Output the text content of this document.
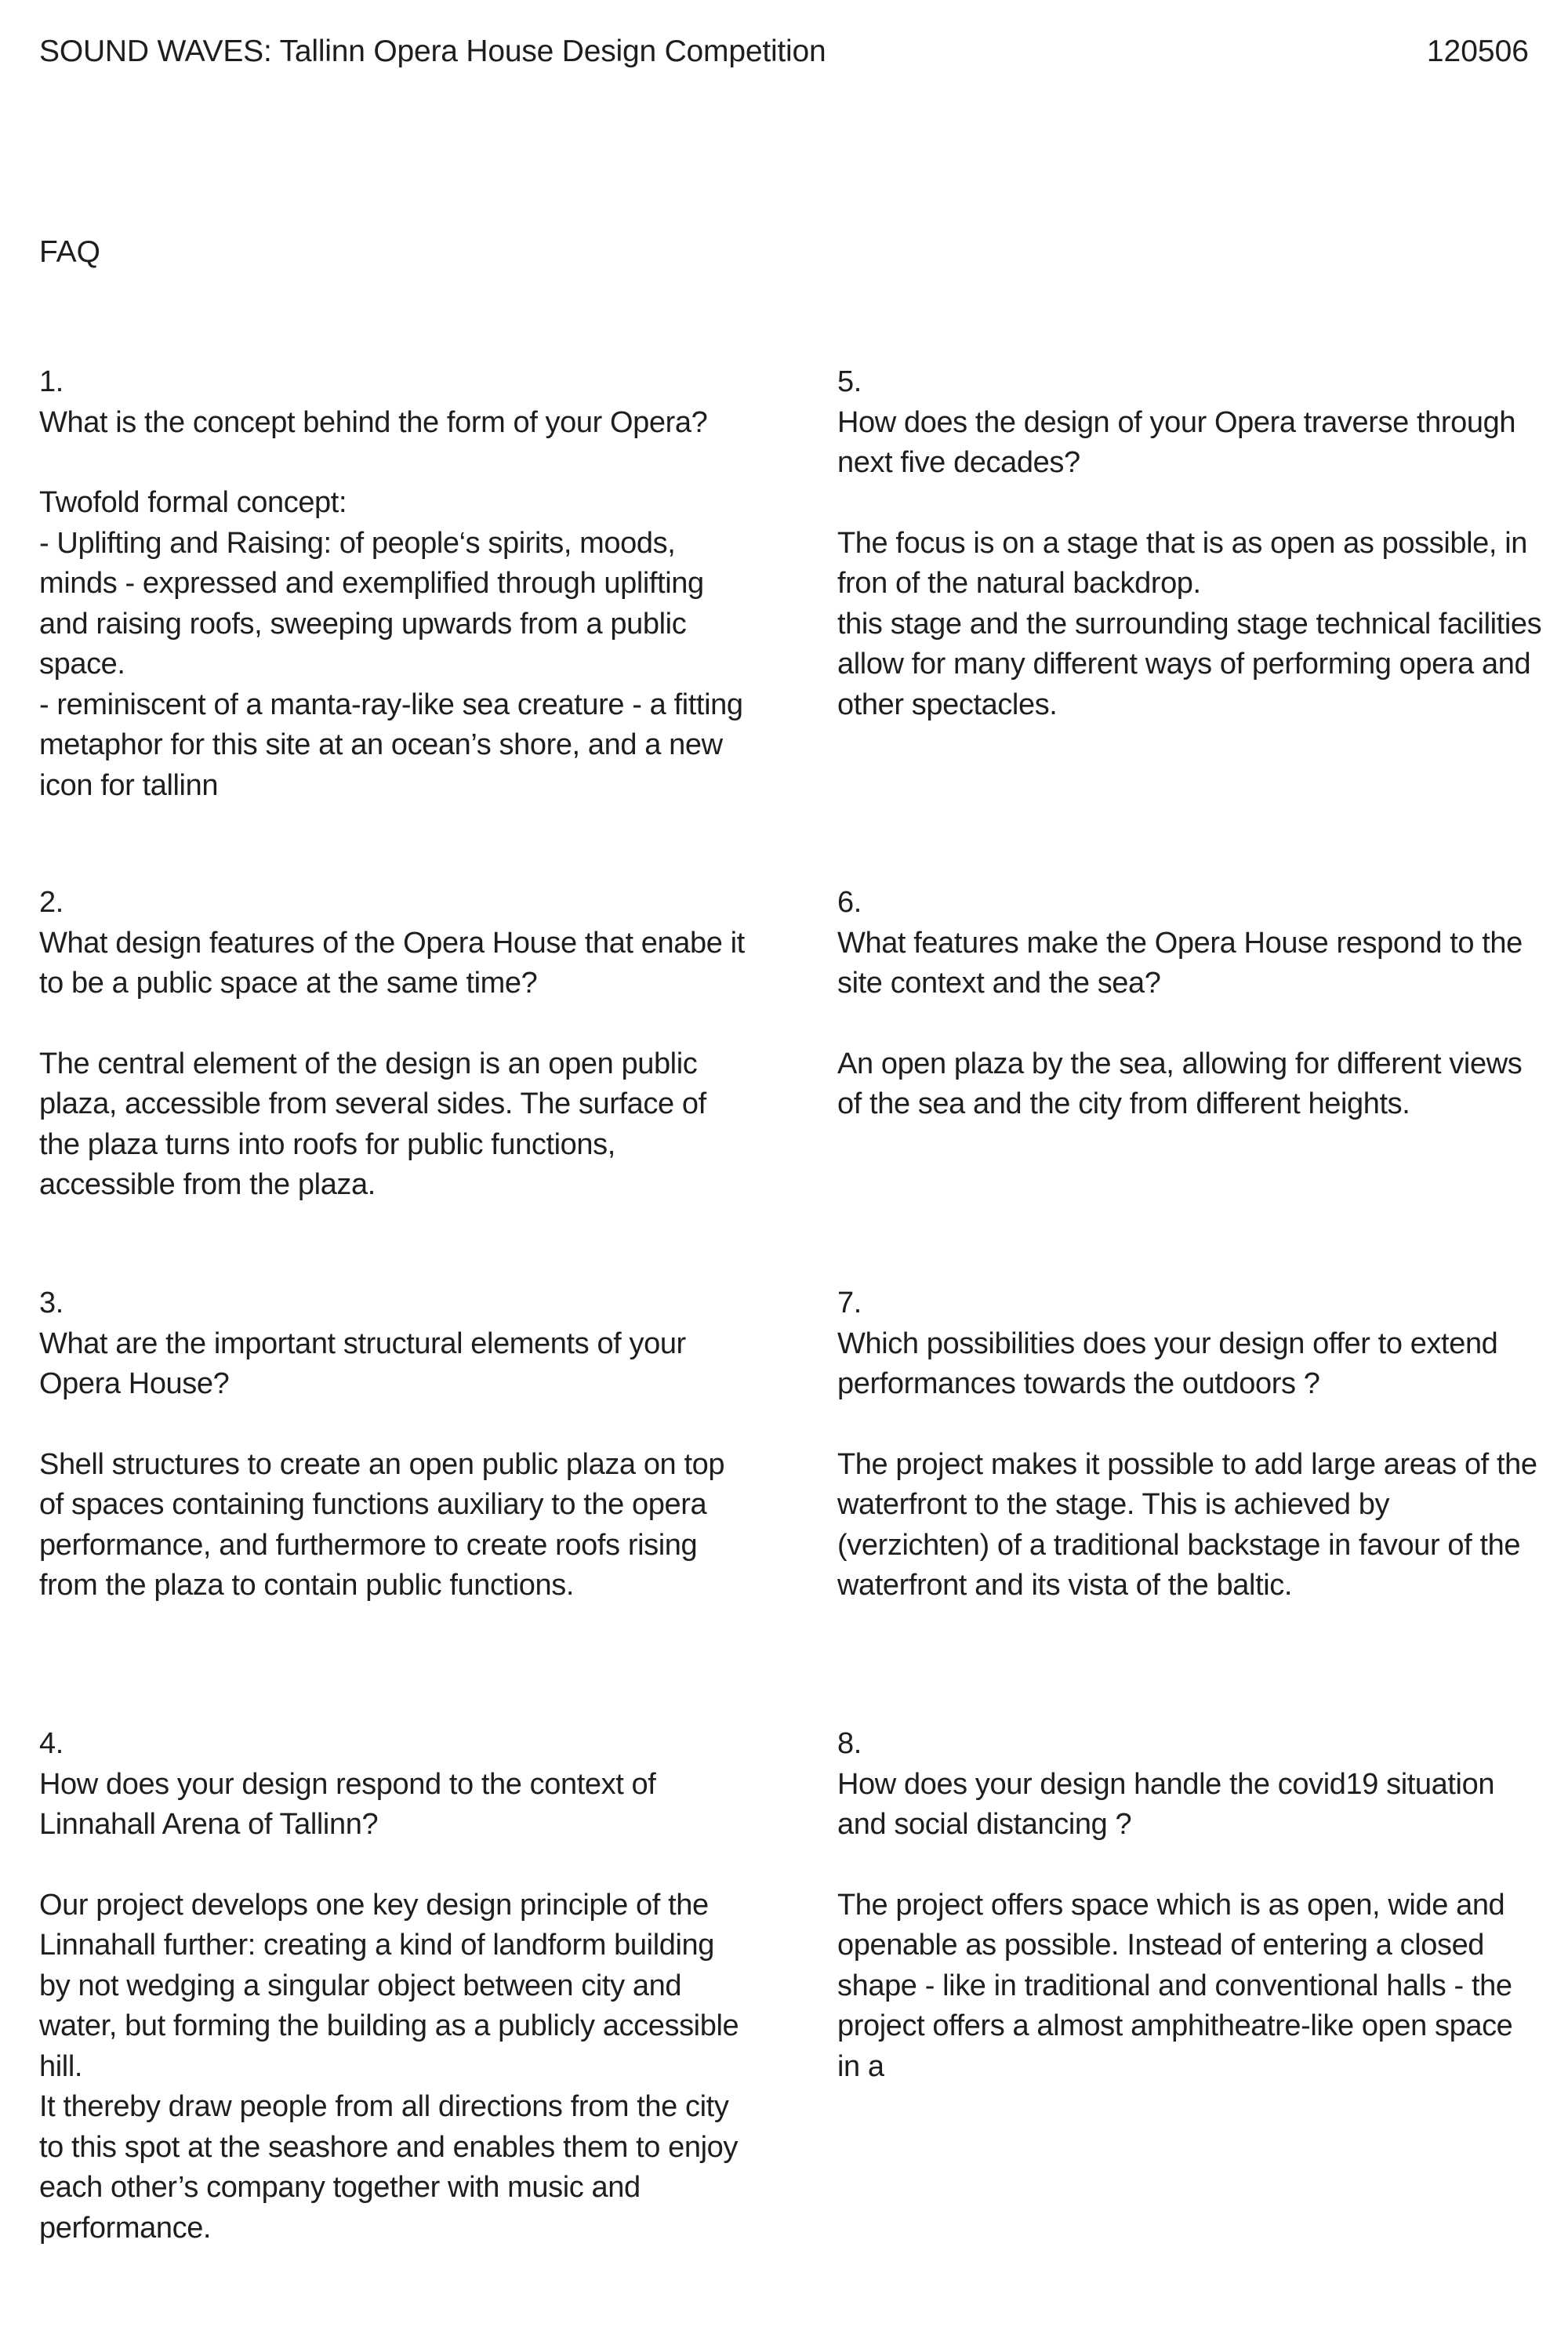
SOUND WAVES: Tallinn Opera House Design Competition	120506
FAQ
1.
What is the concept behind the form of your Opera?
Twofold formal concept:
- Uplifting and Raising: of people‘s spirits, moods, minds - expressed and exemplified through uplifting and raising roofs, sweeping upwards from a public space.
- reminiscent of a manta-ray-like sea creature - a fitting metaphor for this site at an ocean’s shore, and a new icon for tallinn
2.
What design features of the Opera House that enabe it to be a public space at the same time?
The central element of the design is an open public plaza, accessible from several sides. The surface of the plaza turns into roofs for public functions, accessible from the plaza.
3.
What are the important structural elements of your Opera House?
Shell structures to create an open public plaza on top of spaces containing functions auxiliary to the opera performance, and furthermore to create roofs rising from the plaza to contain public functions.
4.
How does your design respond to the context of Linnahall Arena of Tallinn?
Our project develops one key design principle of the Linnahall further: creating a kind of landform building by not wedging a singular object between city and water, but forming the building as a publicly accessible hill.
It thereby draw people from all directions from the city to this spot at the seashore and enables them to enjoy each other’s company together with music and performance.
5.
How does the design of your Opera traverse through next five decades?
The focus is on a stage that is as open as possible, in fron of the natural backdrop.
this stage and the surrounding stage technical facilities allow for many different ways of performing opera and other spectacles.
6.
What features make the Opera House respond to the site context and the sea?
An open plaza by the sea, allowing for different views of the sea and the city from different heights.
7.
Which possibilities does your design offer to extend performances towards the outdoors ?
The project makes it possible to add large areas of the waterfront to the stage. This is achieved by (verzichten) of a traditional backstage in favour of the waterfront and its vista of the baltic.
8.
How does your design handle the covid19 situation and social distancing ?
The project offers space which is as open, wide and openable as possible. Instead of entering a closed shape - like in traditional and conventional halls - the project offers a almost amphitheatre-like open space in a
